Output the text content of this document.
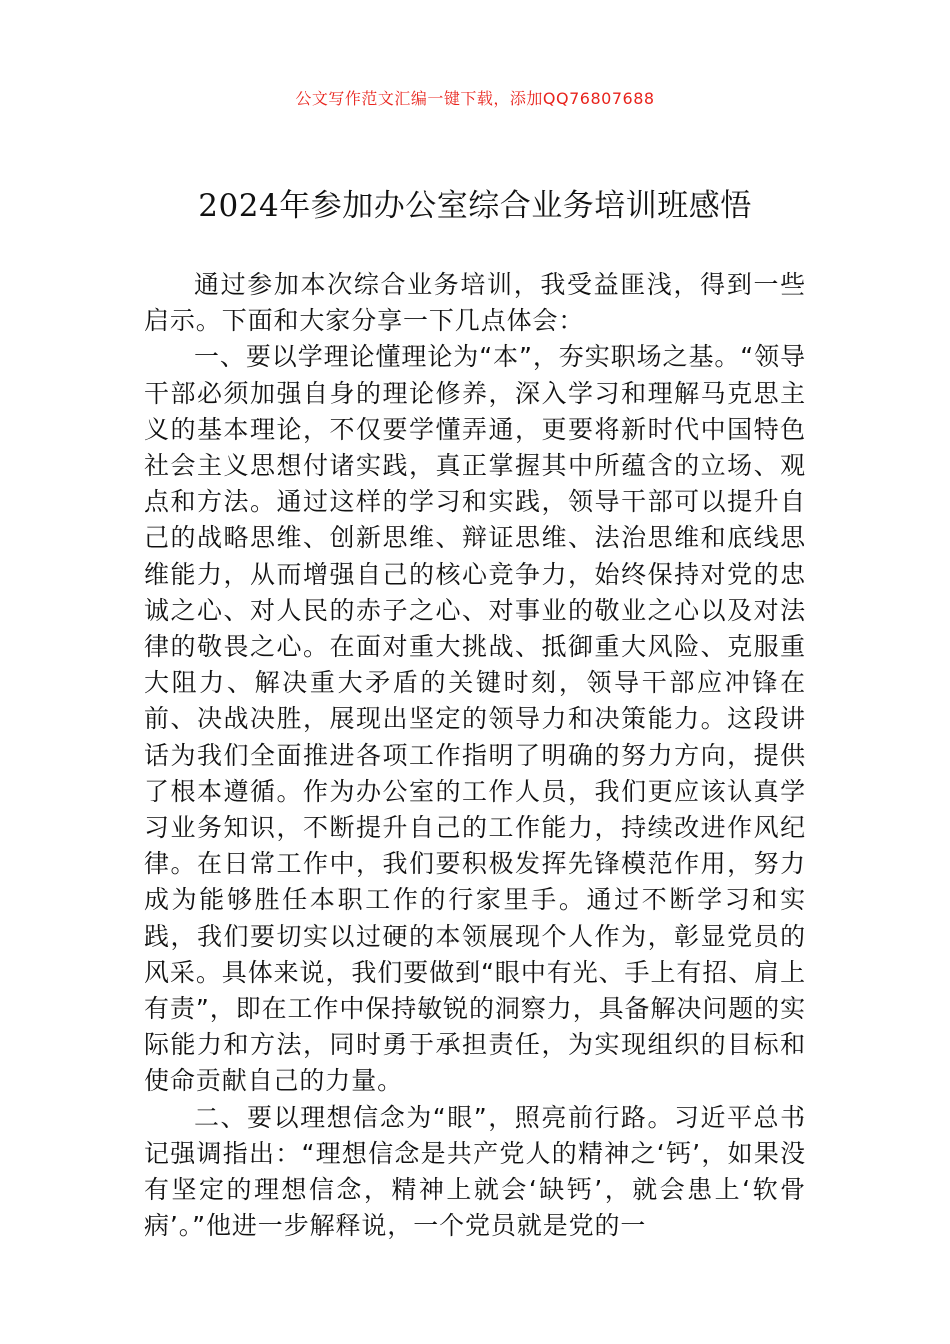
公文写作范文汇编一键下载，添加QQ76807688
2024年参加办公室综合业务培训班感悟

通过参加本次综合业务培训，我受益匪浅，得到一些启示。下面和大家分享一下几点体会：

一、要以学理论懂理论为“本”，夯实职场之基。“领导干部必须加强自身的理论修养，深入学习和理解马克思主义的基本理论，不仅要学懂弄通，更要将新时代中国特色社会主义思想付诸实践，真正掌握其中所蕴含的立场、观点和方法。通过这样的学习和实践，领导干部可以提升自己的战略思维、创新思维、辩证思维、法治思维和底线思维能力，从而增强自己的核心竞争力，始终保持对党的忠诚之心、对人民的赤子之心、对事业的敬业之心以及对法律的敬畏之心。在面对重大挑战、抵御重大风险、克服重大阻力、解决重大矛盾的关键时刻，领导干部应冲锋在前、决战决胜，展现出坚定的领导力和决策能力。这段讲话为我们全面推进各项工作指明了明确的努力方向，提供了根本遵循。作为办公室的工作人员，我们更应该认真学习业务知识，不断提升自己的工作能力，持续改进作风纪律。在日常工作中，我们要积极发挥先锋模范作用，努力成为能够胜任本职工作的行家里手。通过不断学习和实践，我们要切实以过硬的本领展现个人作为，彰显党员的风采。具体来说，我们要做到“眼中有光、手上有招、肩上有责”，即在工作中保持敏锐的洞察力，具备解决问题的实际能力和方法，同时勇于承担责任，为实现组织的目标和使命贡献自己的力量。

二、要以理想信念为“眼”，照亮前行路。习近平总书记强调指出：“理想信念是共产党人的精神之‘钙’，如果没有坚定的理想信念，精神上就会‘缺钙’，就会患上‘软骨病’。”他进一步解释说，一个党员就是党的一
